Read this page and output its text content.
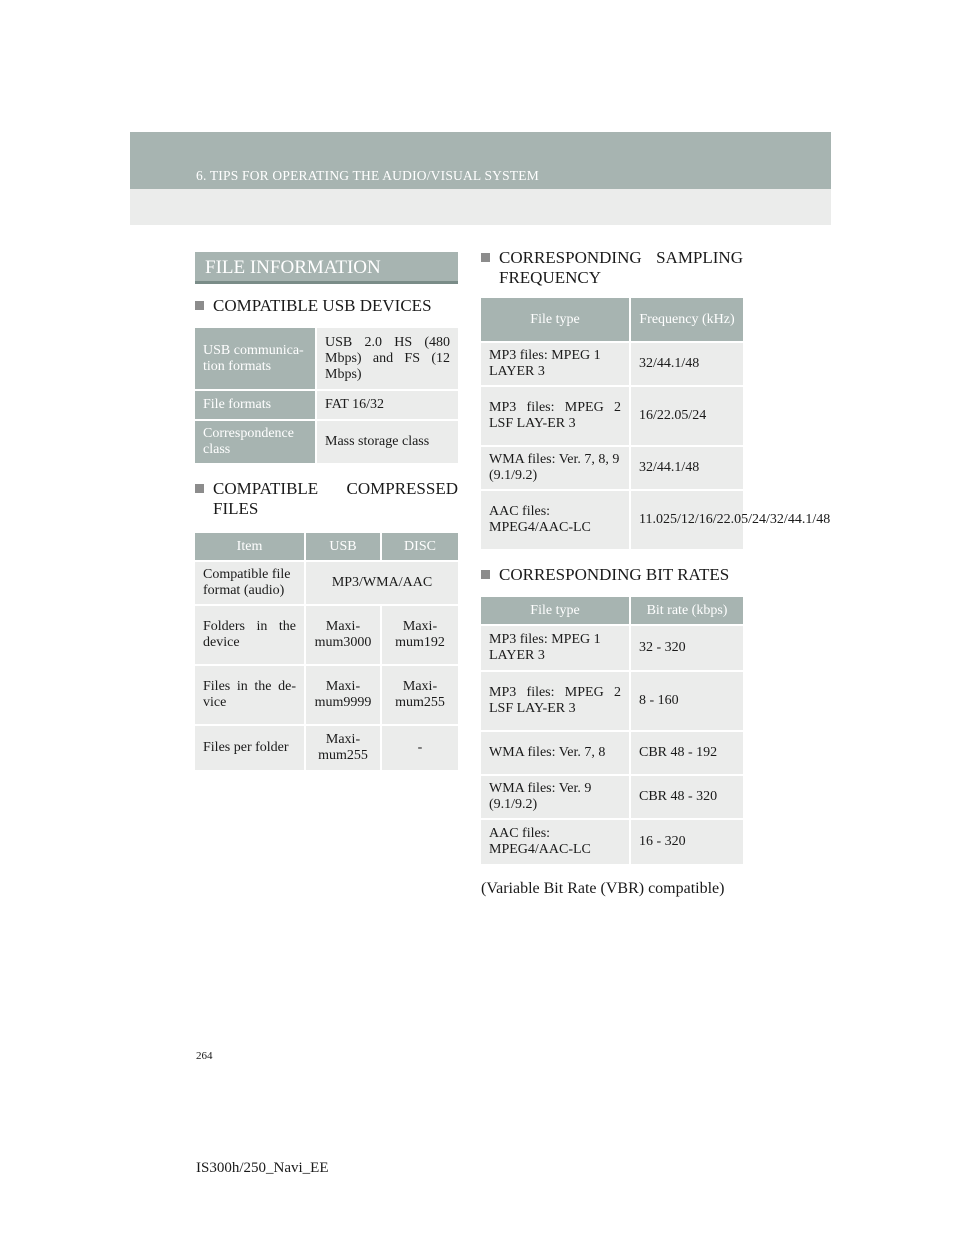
6. TIPS FOR OPERATING THE AUDIO/VISUAL SYSTEM
FILE INFORMATION
COMPATIBLE USB DEVICES
USB communica-tion formats	USB 2.0 HS (480 Mbps) and FS (12 Mbps)
File formats	FAT 16/32
Correspondence class	Mass storage class
COMPATIBLE COMPRESSED FILES
Item	USB	DISC
Compatible file format (audio)	MP3/WMA/AAC	
Folders in the device	Maxi-mum3000	Maxi-mum192
Files in the de-vice	Maxi-mum9999	Maxi-mum255
Files per folder	Maxi-mum255	-
CORRESPONDING SAMPLING FREQUENCY
File type	Frequency (kHz)
MP3 files: MPEG 1 LAYER 3	32/44.1/48
MP3 files: MPEG 2 LSF LAY-ER 3	16/22.05/24
WMA files: Ver. 7, 8, 9 (9.1/9.2)	32/44.1/48
AAC files: MPEG4/AAC-LC	11.025/12/16/22.05/24/32/44.1/48
CORRESPONDING BIT RATES
File type	Bit rate (kbps)
MP3 files: MPEG 1 LAYER 3	32 - 320
MP3 files: MPEG 2 LSF LAY-ER 3	8 - 160
WMA files: Ver. 7, 8	CBR 48 - 192
WMA files: Ver. 9 (9.1/9.2)	CBR 48 - 320
AAC files: MPEG4/AAC-LC	16 - 320
(Variable Bit Rate (VBR) compatible)
264
IS300h/250_Navi_EE
